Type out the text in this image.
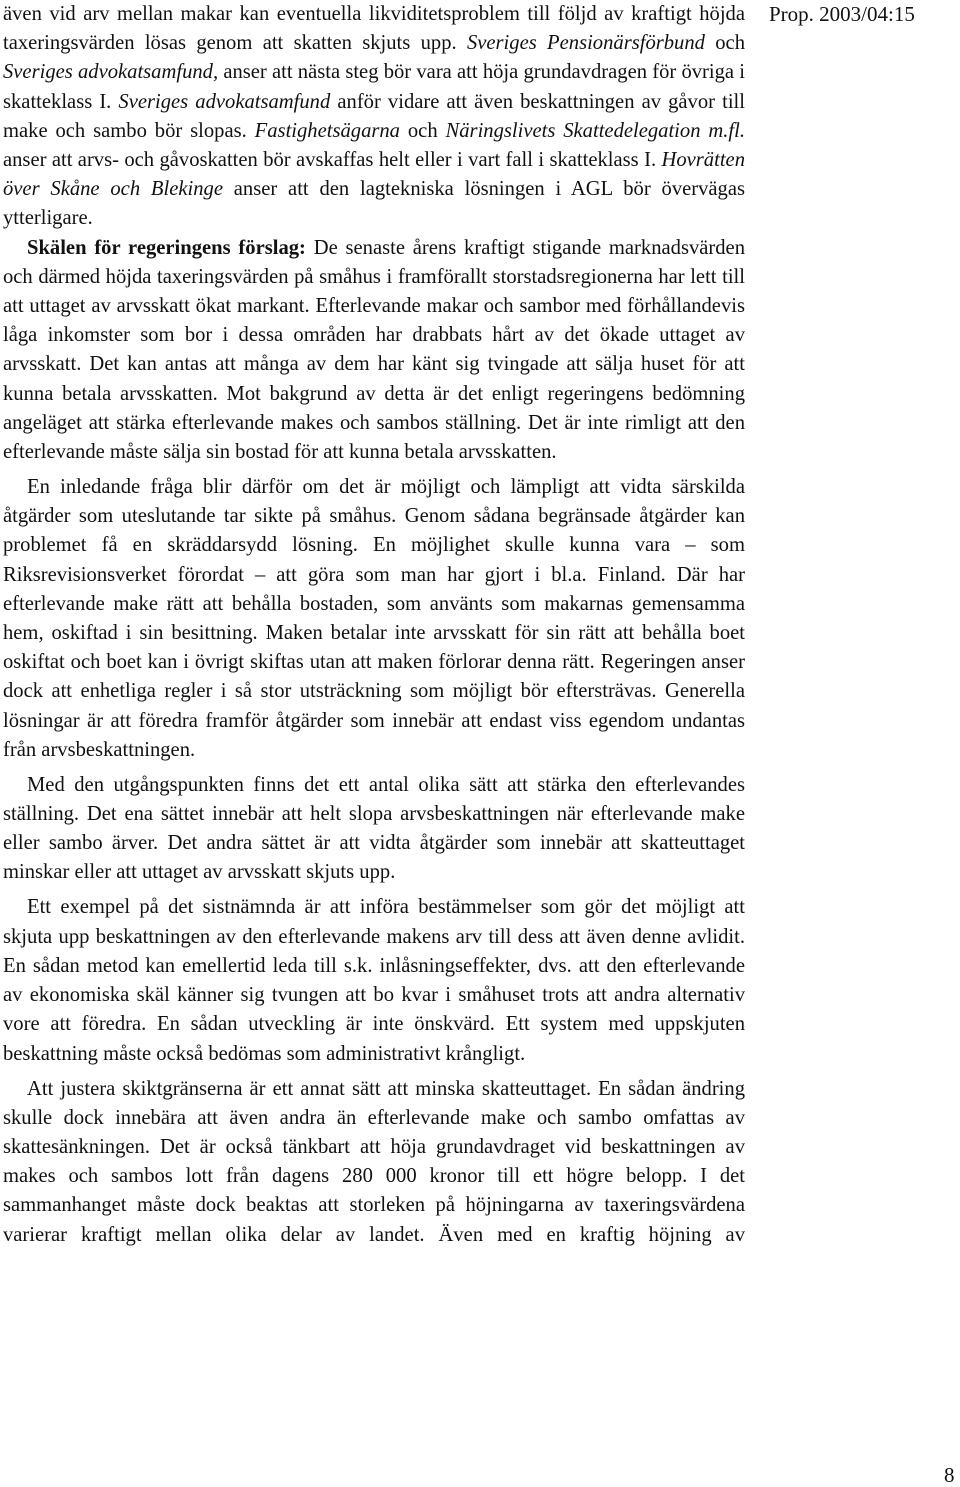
Prop. 2003/04:15

även vid arv mellan makar kan eventuella likviditetsproblem till följd av kraftigt höjda taxeringsvärden lösas genom att skatten skjuts upp. Sveriges Pensionärsförbund och Sveriges advokatsamfund, anser att nästa steg bör vara att höja grundavdragen för övriga i skatteklass I. Sveriges advokatsamfund anför vidare att även beskattningen av gåvor till make och sambo bör slopas. Fastighetsägarna och Näringslivets Skattedelegation m.fl. anser att arvs- och gåvoskatten bör avskaffas helt eller i vart fall i skatteklass I. Hovrätten över Skåne och Blekinge anser att den lagtekniska lösningen i AGL bör övervägas ytterligare.

Skälen för regeringens förslag: De senaste årens kraftigt stigande marknadsvärden och därmed höjda taxeringsvärden på småhus i framförallt storstadsregionerna har lett till att uttaget av arvsskatt ökat markant. Efterlevande makar och sambor med förhållandevis låga inkomster som bor i dessa områden har drabbats hårt av det ökade uttaget av arvsskatt. Det kan antas att många av dem har känt sig tvingade att sälja huset för att kunna betala arvsskatten. Mot bakgrund av detta är det enligt regeringens bedömning angeläget att stärka efterlevande makes och sambos ställning. Det är inte rimligt att den efterlevande måste sälja sin bostad för att kunna betala arvsskatten.

En inledande fråga blir därför om det är möjligt och lämpligt att vidta särskilda åtgärder som uteslutande tar sikte på småhus. Genom sådana begränsade åtgärder kan problemet få en skräddarsydd lösning. En möjlighet skulle kunna vara – som Riksrevisionsverket förordat – att göra som man har gjort i bl.a. Finland. Där har efterlevande make rätt att behålla bostaden, som använts som makarnas gemensamma hem, oskiftad i sin besittning. Maken betalar inte arvsskatt för sin rätt att behålla boet oskiftat och boet kan i övrigt skiftas utan att maken förlorar denna rätt. Regeringen anser dock att enhetliga regler i så stor utsträckning som möjligt bör eftersträvas. Generella lösningar är att föredra framför åtgärder som innebär att endast viss egendom undantas från arvsbeskattningen.

Med den utgångspunkten finns det ett antal olika sätt att stärka den efterlevandes ställning. Det ena sättet innebär att helt slopa arvsbeskattningen när efterlevande make eller sambo ärver. Det andra sättet är att vidta åtgärder som innebär att skatteuttaget minskar eller att uttaget av arvsskatt skjuts upp.

Ett exempel på det sistnämnda är att införa bestämmelser som gör det möjligt att skjuta upp beskattningen av den efterlevande makens arv till dess att även denne avlidit. En sådan metod kan emellertid leda till s.k. inlåsningseffekter, dvs. att den efterlevande av ekonomiska skäl känner sig tvungen att bo kvar i småhuset trots att andra alternativ vore att föredra. En sådan utveckling är inte önskvärd. Ett system med uppskjuten beskattning måste också bedömas som administrativt krångligt.

Att justera skiktgränserna är ett annat sätt att minska skatteuttaget. En sådan ändring skulle dock innebära att även andra än efterlevande make och sambo omfattas av skattesänkningen. Det är också tänkbart att höja grundavdraget vid beskattningen av makes och sambos lott från dagens 280 000 kronor till ett högre belopp. I det sammanhanget måste dock beaktas att storleken på höjningarna av taxeringsvärdena varierar kraftigt mellan olika delar av landet. Även med en kraftig höjning av

8
